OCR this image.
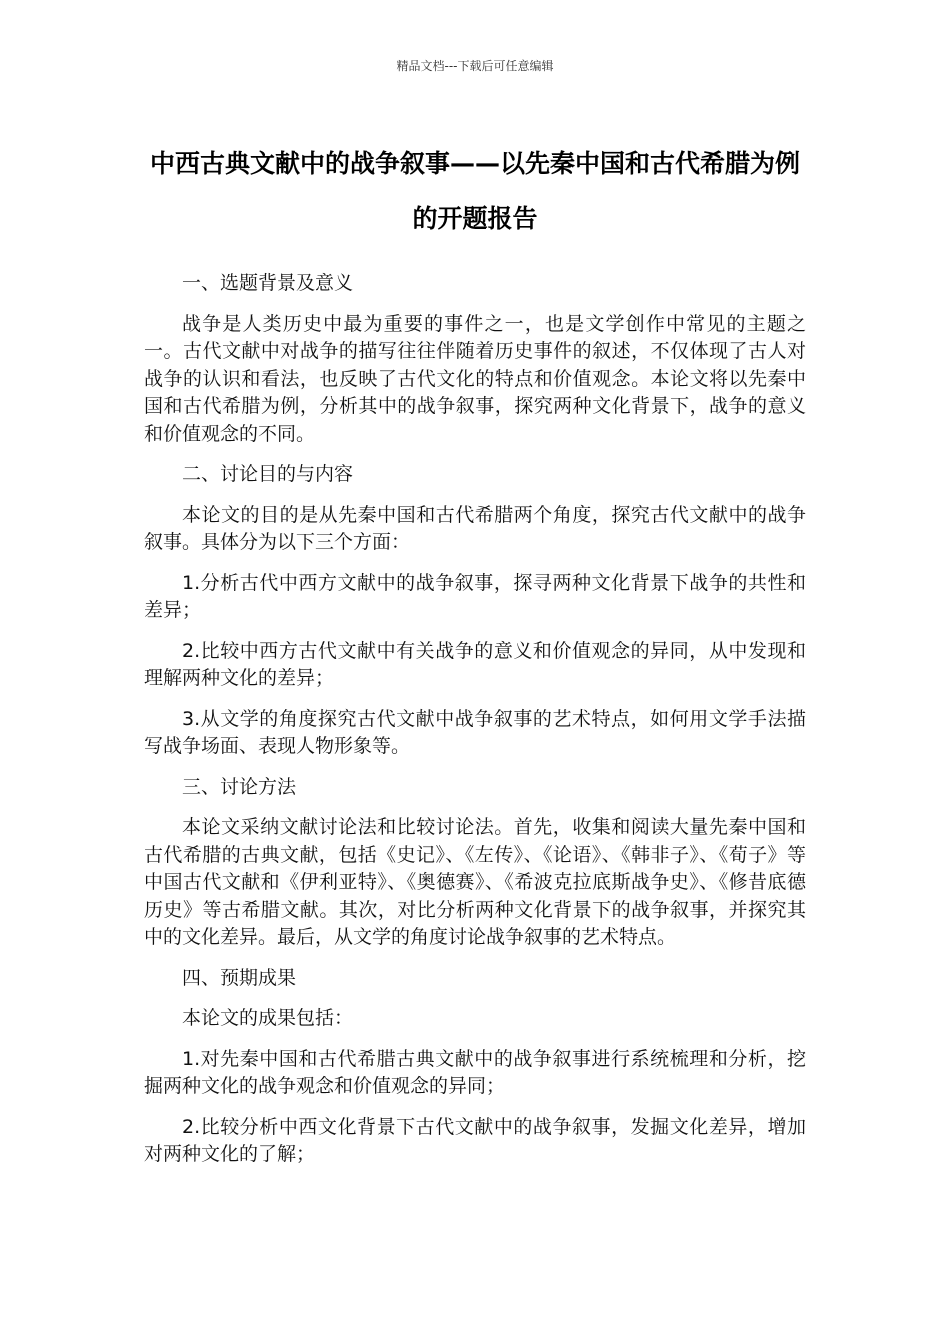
精品文档---下载后可任意编辑
中西古典文献中的战争叙事——以先秦中国和古代希腊为例的开题报告

一、选题背景及意义

战争是人类历史中最为重要的事件之一，也是文学创作中常见的主题之一。古代文献中对战争的描写往往伴随着历史事件的叙述，不仅体现了古人对战争的认识和看法，也反映了古代文化的特点和价值观念。本论文将以先秦中国和古代希腊为例，分析其中的战争叙事，探究两种文化背景下，战争的意义和价值观念的不同。

二、讨论目的与内容

本论文的目的是从先秦中国和古代希腊两个角度，探究古代文献中的战争叙事。具体分为以下三个方面：

1.分析古代中西方文献中的战争叙事，探寻两种文化背景下战争的共性和差异；

2.比较中西方古代文献中有关战争的意义和价值观念的异同，从中发现和理解两种文化的差异；

3.从文学的角度探究古代文献中战争叙事的艺术特点，如何用文学手法描写战争场面、表现人物形象等。

三、讨论方法

本论文采纳文献讨论法和比较讨论法。首先，收集和阅读大量先秦中国和古代希腊的古典文献，包括《史记》、《左传》、《论语》、《韩非子》、《荀子》等中国古代文献和《伊利亚特》、《奥德赛》、《希波克拉底斯战争史》、《修昔底德历史》等古希腊文献。其次，对比分析两种文化背景下的战争叙事，并探究其中的文化差异。最后，从文学的角度讨论战争叙事的艺术特点。

四、预期成果

本论文的成果包括：

1.对先秦中国和古代希腊古典文献中的战争叙事进行系统梳理和分析，挖掘两种文化的战争观念和价值观念的异同；

2.比较分析中西文化背景下古代文献中的战争叙事，发掘文化差异，增加对两种文化的了解；
